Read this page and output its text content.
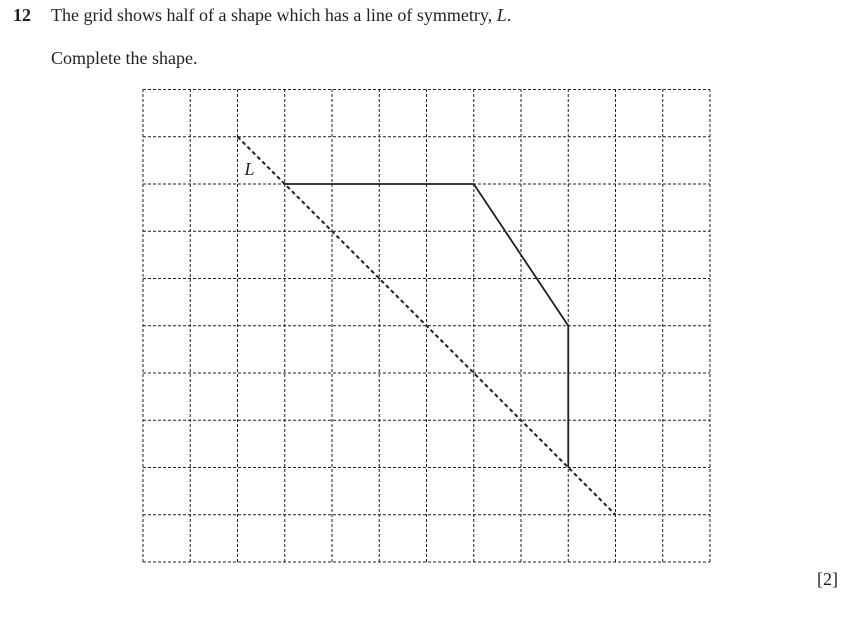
12 The grid shows half of a shape which has a line of symmetry, L.
Complete the shape.
L
[2]
